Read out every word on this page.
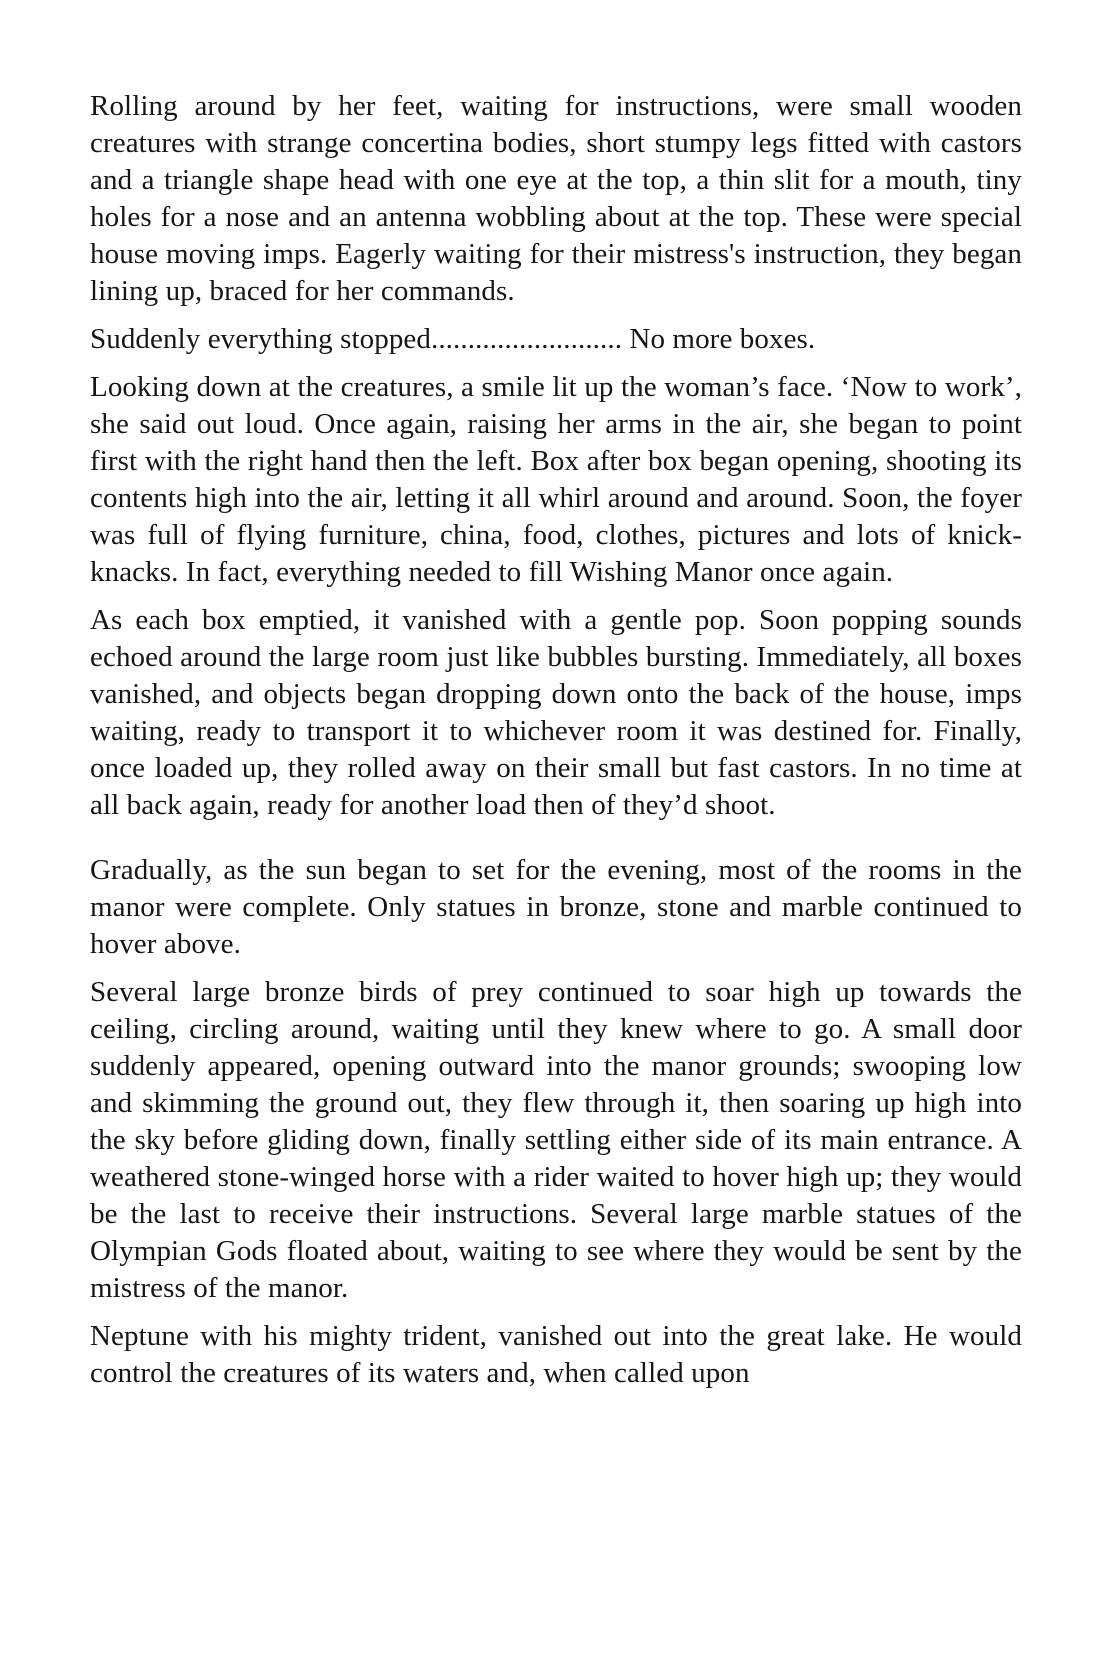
Rolling around by her feet, waiting for instructions, were small wooden creatures with strange concertina bodies, short stumpy legs fitted with castors and a triangle shape head with one eye at the top, a thin slit for a mouth, tiny holes for a nose and an antenna wobbling about at the top. These were special house moving imps. Eagerly waiting for their mistress's instruction, they began lining up, braced for her commands.

Suddenly everything stopped.......................... No more boxes.

Looking down at the creatures, a smile lit up the woman’s face. ‘Now to work’, she said out loud. Once again, raising her arms in the air, she began to point first with the right hand then the left. Box after box began opening, shooting its contents high into the air, letting it all whirl around and around. Soon, the foyer was full of flying furniture, china, food, clothes, pictures and lots of knick-knacks. In fact, everything needed to fill Wishing Manor once again.

As each box emptied, it vanished with a gentle pop. Soon popping sounds echoed around the large room just like bubbles bursting. Immediately, all boxes vanished, and objects began dropping down onto the back of the house, imps waiting, ready to transport it to whichever room it was destined for. Finally, once loaded up, they rolled away on their small but fast castors. In no time at all back again, ready for another load then of they’d shoot.

Gradually, as the sun began to set for the evening, most of the rooms in the manor were complete. Only statues in bronze, stone and marble continued to hover above.

Several large bronze birds of prey continued to soar high up towards the ceiling, circling around, waiting until they knew where to go. A small door suddenly appeared, opening outward into the manor grounds; swooping low and skimming the ground out, they flew through it, then soaring up high into the sky before gliding down, finally settling either side of its main entrance. A weathered stone-winged horse with a rider waited to hover high up; they would be the last to receive their instructions. Several large marble statues of the Olympian Gods floated about, waiting to see where they would be sent by the mistress of the manor.

Neptune with his mighty trident, vanished out into the great lake. He would control the creatures of its waters and, when called upon
